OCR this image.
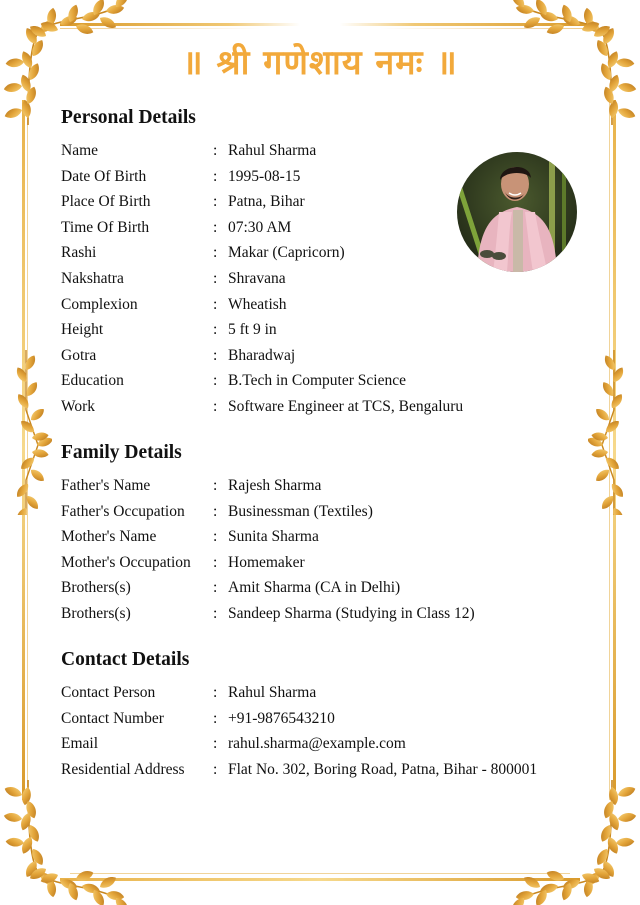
॥ श्री गणेशाय नमः ॥
Personal Details
Name	: Rahul Sharma
Date Of Birth	: 1995-08-15
Place Of Birth	: Patna, Bihar
Time Of Birth	: 07:30 AM
Rashi	: Makar (Capricorn)
Nakshatra	: Shravana
Complexion	: Wheatish
Height	: 5 ft 9 in
Gotra	: Bharadwaj
Education	: B.Tech in Computer Science
Work	: Software Engineer at TCS, Bengaluru
Family Details
Father's Name	: Rajesh Sharma
Father's Occupation	: Businessman (Textiles)
Mother's Name	: Sunita Sharma
Mother's Occupation	: Homemaker
Brothers(s)	: Amit Sharma (CA in Delhi)
Brothers(s)	: Sandeep Sharma (Studying in Class 12)
Contact Details
Contact Person	: Rahul Sharma
Contact Number	: +91-9876543210
Email	: rahul.sharma@example.com
Residential Address	: Flat No. 302, Boring Road, Patna, Bihar - 800001
